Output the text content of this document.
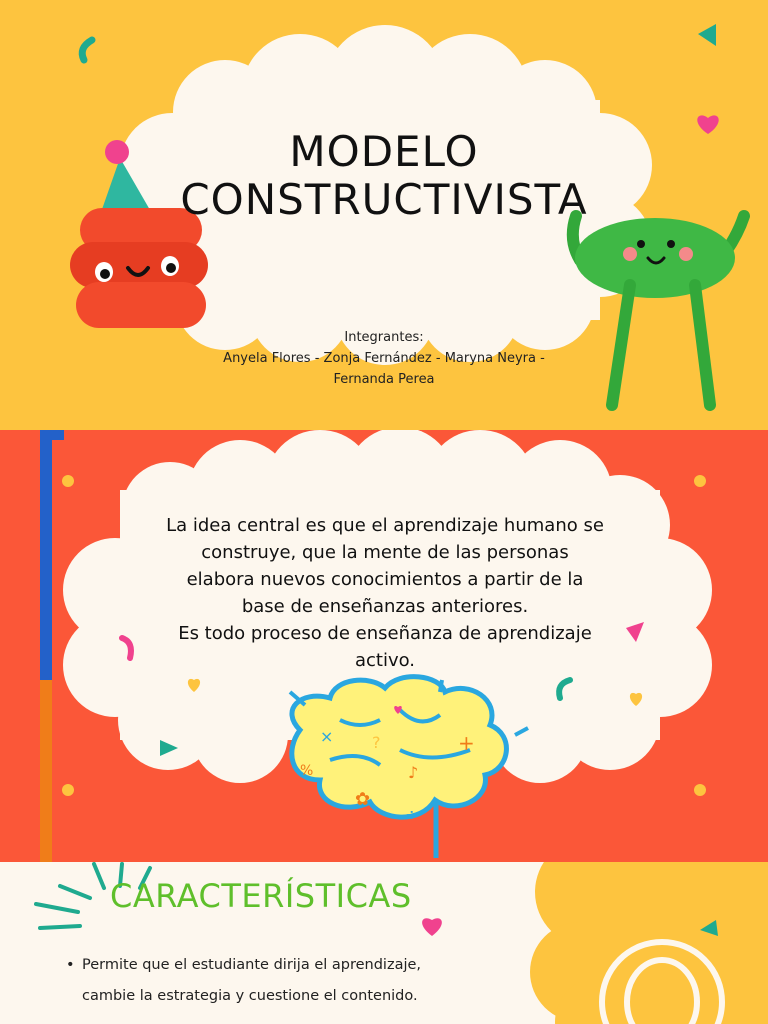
MODELO
CONSTRUCTIVISTA
Integrantes:
Anyela Flores - Zonja Fernández - Maryna Neyra -
Fernanda Perea
+
?
✿
÷
%
×
♪
La idea central es que el aprendizaje humano se
construye, que la mente de las personas
elabora nuevos conocimientos a partir de la
base de enseñanzas anteriores.
Es todo proceso de enseñanza de aprendizaje
activo.
CARACTERÍSTICAS
• Permite que el estudiante dirija el aprendizaje,
cambie la estrategia y cuestione el contenido.
